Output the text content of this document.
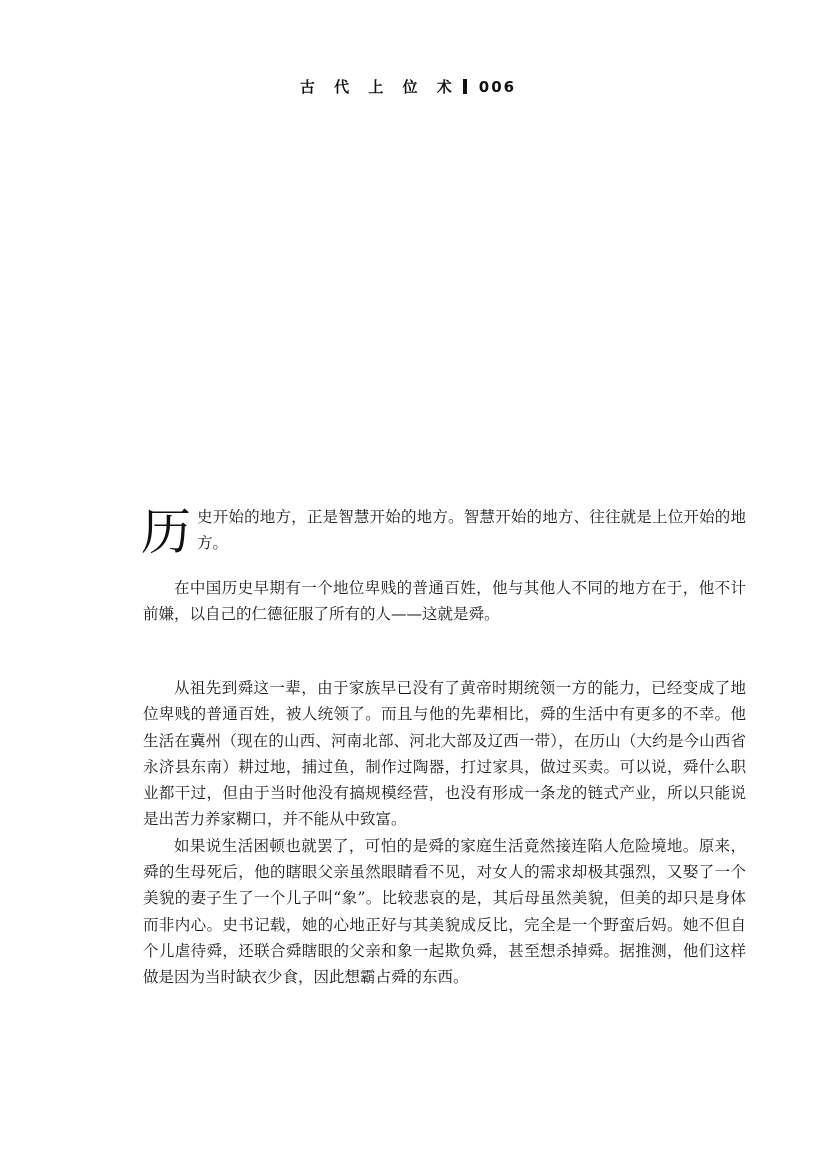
古 代 上 位 术 006
历 史开始的地方，正是智慧开始的地方。智慧开始的地方、往往就是上位开始的地方。

在中国历史早期有一个地位卑贱的普通百姓，他与其他人不同的地方在于，他不计前嫌，以自己的仁德征服了所有的人——这就是舜。

从祖先到舜这一辈，由于家族早已没有了黄帝时期统领一方的能力，已经变成了地位卑贱的普通百姓，被人统领了。而且与他的先辈相比，舜的生活中有更多的不幸。他生活在冀州（现在的山西、河南北部、河北大部及辽西一带），在历山（大约是今山西省永济县东南）耕过地，捕过鱼，制作过陶器，打过家具，做过买卖。可以说，舜什么职业都干过，但由于当时他没有搞规模经营，也没有形成一条龙的链式产业，所以只能说是出苦力养家糊口，并不能从中致富。

如果说生活困顿也就罢了，可怕的是舜的家庭生活竟然接连陷人危险境地。原来，舜的生母死后，他的瞎眼父亲虽然眼睛看不见，对女人的需求却极其强烈，又娶了一个美貌的妻子生了一个儿子叫“象”。比较悲哀的是，其后母虽然美貌，但美的却只是身体而非内心。史书记载，她的心地正好与其美貌成反比，完全是一个野蛮后妈。她不但自个儿虐待舜，还联合舜瞎眼的父亲和象一起欺负舜，甚至想杀掉舜。据推测，他们这样做是因为当时缺衣少食，因此想霸占舜的东西。
